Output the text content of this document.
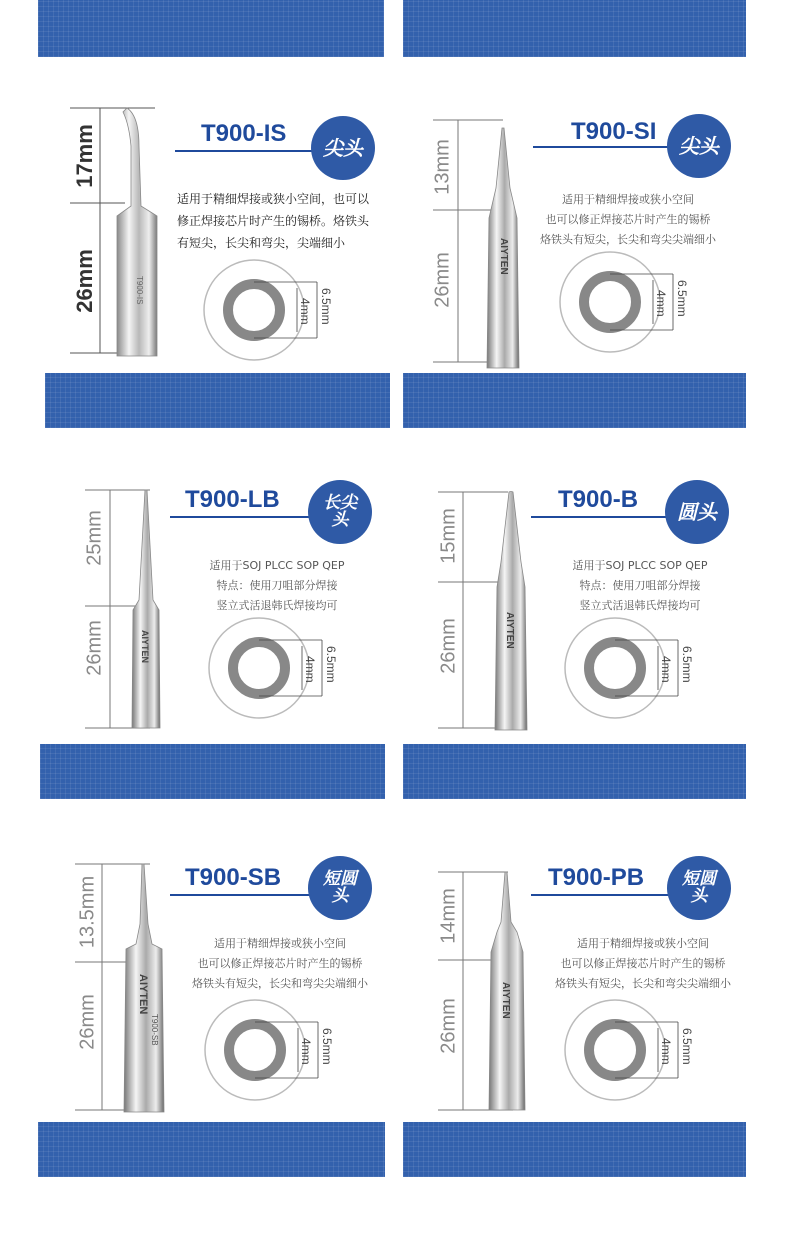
17mm
26mm	T900-IS
T900-IS
尖头
适用于精细焊接或狭小空间，也可以修正焊接芯片时产生的锡桥。烙铁头有短尖，长尖和弯尖，尖端细小
4mm 6.5mm
13mm
26mm	AIYTEN
T900-SI
尖头
适用于精细焊接或狭小空间
也可以修正焊接芯片时产生的锡桥
烙铁头有短尖，长尖和弯尖尖端细小
4mm 6.5mm
25mm
26mm	AIYTEN
T900-LB	长尖头
适用于SOJ PLCC SOP QEP
特点：使用刀咀部分焊接
竖立式活退韩氏焊接均可
4mm 6.5mm
15mm
26mm	AIYTEN
T900-B	圆头
适用于SOJ PLCC SOP QEP
特点：使用刀咀部分焊接
竖立式活退韩氏焊接均可
4mm 6.5mm
13.5mm
26mm
AIYTEN
T900-SB
T900-SB	短圆头
适用于精细焊接或狭小空间
也可以修正焊接芯片时产生的锡桥
烙铁头有短尖，长尖和弯尖尖端细小
4mm 6.5mm
14mm
26mm	AIYTEN
T900-PB	短圆头
适用于精细焊接或狭小空间
也可以修正焊接芯片时产生的锡桥
烙铁头有短尖，长尖和弯尖尖端细小
4mm 6.5mm
